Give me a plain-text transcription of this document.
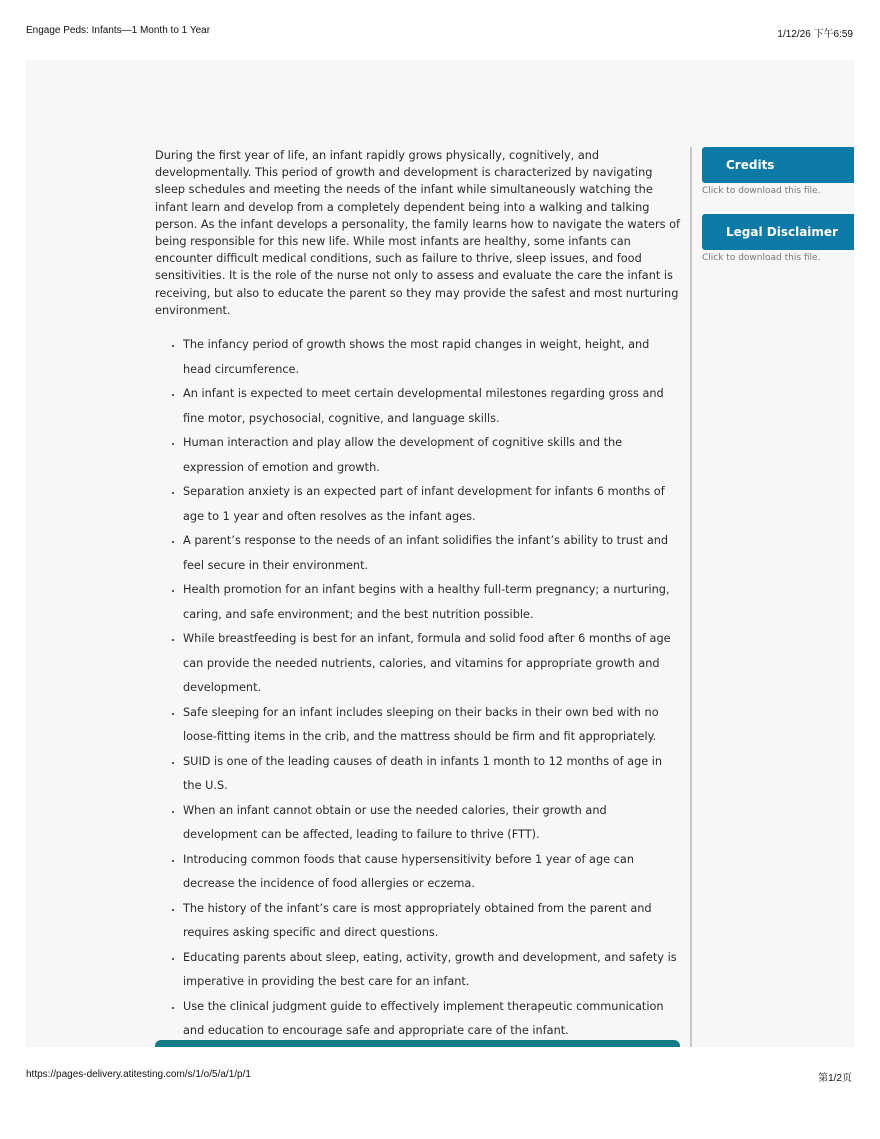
Engage Peds: Infants—1 Month to 1 Year	1/12/26 下午6:59

During the first year of life, an infant rapidly grows physically, cognitively, and developmentally. This period of growth and development is characterized by navigating sleep schedules and meeting the needs of the infant while simultaneously watching the infant learn and develop from a completely dependent being into a walking and talking person. As the infant develops a personality, the family learns how to navigate the waters of being responsible for this new life. While most infants are healthy, some infants can encounter difficult medical conditions, such as failure to thrive, sleep issues, and food sensitivities. It is the role of the nurse not only to assess and evaluate the care the infant is receiving, but also to educate the parent so they may provide the safest and most nurturing environment.

• The infancy period of growth shows the most rapid changes in weight, height, and head circumference.
• An infant is expected to meet certain developmental milestones regarding gross and fine motor, psychosocial, cognitive, and language skills.
• Human interaction and play allow the development of cognitive skills and the expression of emotion and growth.
• Separation anxiety is an expected part of infant development for infants 6 months of age to 1 year and often resolves as the infant ages.
• A parent’s response to the needs of an infant solidifies the infant’s ability to trust and feel secure in their environment.
• Health promotion for an infant begins with a healthy full-term pregnancy; a nurturing, caring, and safe environment; and the best nutrition possible.
• While breastfeeding is best for an infant, formula and solid food after 6 months of age can provide the needed nutrients, calories, and vitamins for appropriate growth and development.
• Safe sleeping for an infant includes sleeping on their backs in their own bed with no loose-fitting items in the crib, and the mattress should be firm and fit appropriately.
• SUID is one of the leading causes of death in infants 1 month to 12 months of age in the U.S.
• When an infant cannot obtain or use the needed calories, their growth and development can be affected, leading to failure to thrive (FTT).
• Introducing common foods that cause hypersensitivity before 1 year of age can decrease the incidence of food allergies or eczema.
• The history of the infant’s care is most appropriately obtained from the parent and requires asking specific and direct questions.
• Educating parents about sleep, eating, activity, growth and development, and safety is imperative in providing the best care for an infant.
• Use the clinical judgment guide to effectively implement therapeutic communication and education to encourage safe and appropriate care of the infant.
Credits
Click to download this file.
Legal Disclaimer
Click to download this file.
https://pages-delivery.atitesting.com/s/1/o/5/a/1/p/1	第1/2页
